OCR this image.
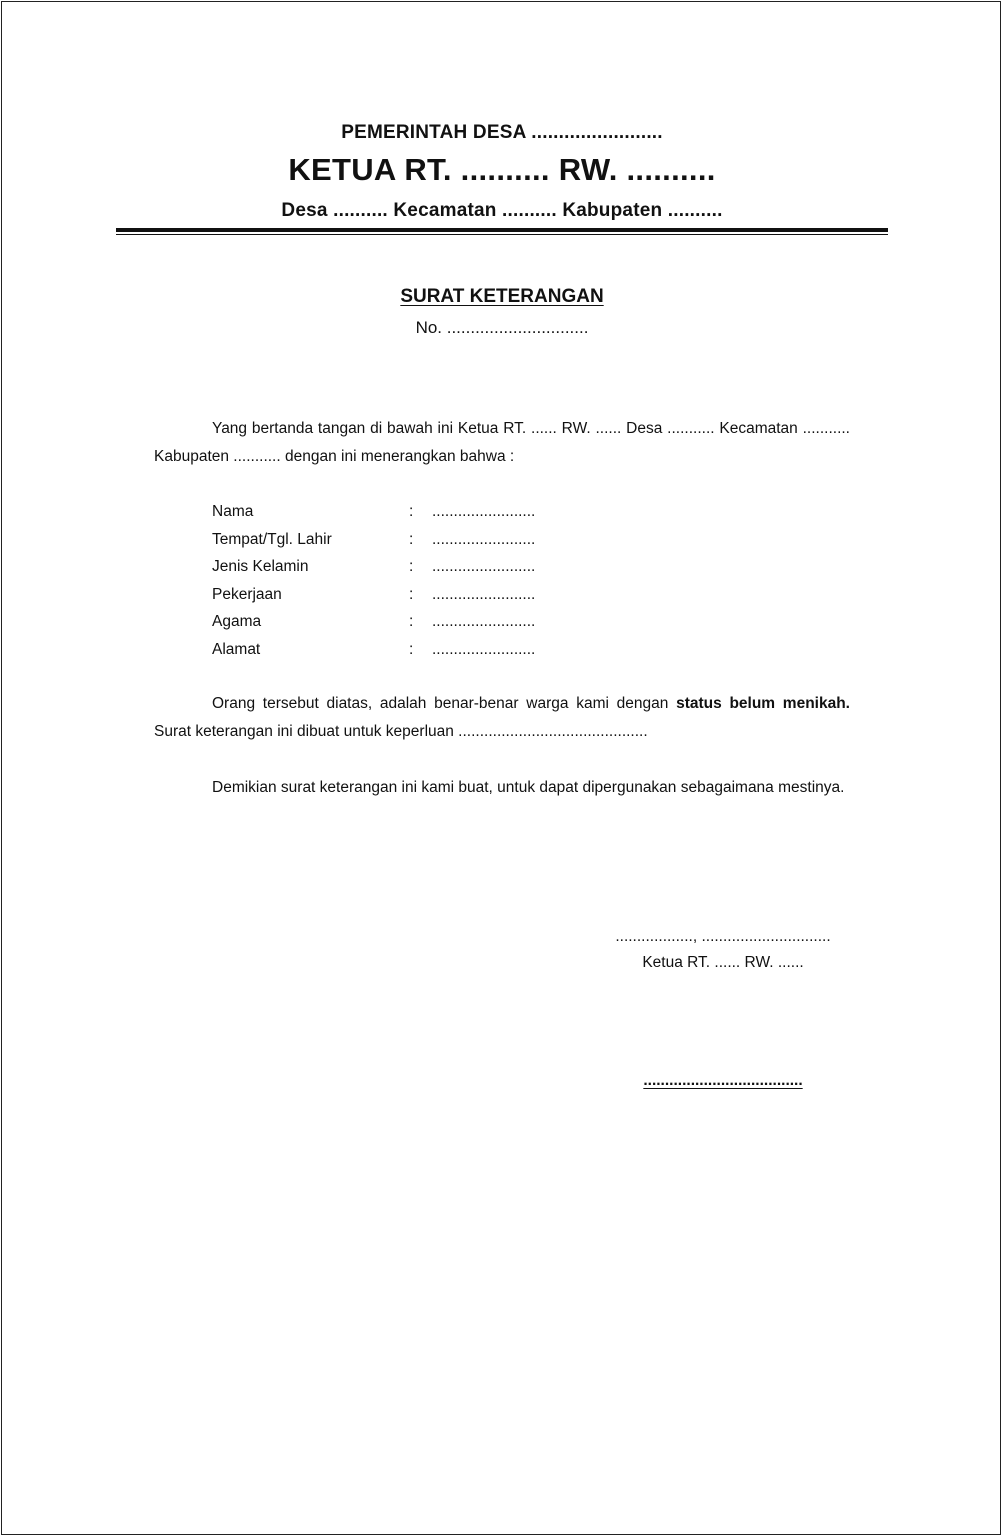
PEMERINTAH DESA ........................
KETUA RT. .......... RW. ..........
Desa .......... Kecamatan .......... Kabupaten ..........
SURAT KETERANGAN
No. ..............................
Yang bertanda tangan di bawah ini Ketua RT. ...... RW. ...... Desa ........... Kecamatan ........... Kabupaten ........... dengan ini menerangkan bahwa :
Nama	: ........................
Tempat/Tgl. Lahir	: ........................
Jenis Kelamin	: ........................
Pekerjaan	: ........................
Agama	: ........................
Alamat	: ........................
Orang tersebut diatas, adalah benar-benar warga kami dengan status belum menikah. Surat keterangan ini dibuat untuk keperluan ............................................
Demikian surat keterangan ini kami buat, untuk dapat dipergunakan sebagaimana mestinya.
.................., ..............................
Ketua RT. ...... RW. ......
.....................................
